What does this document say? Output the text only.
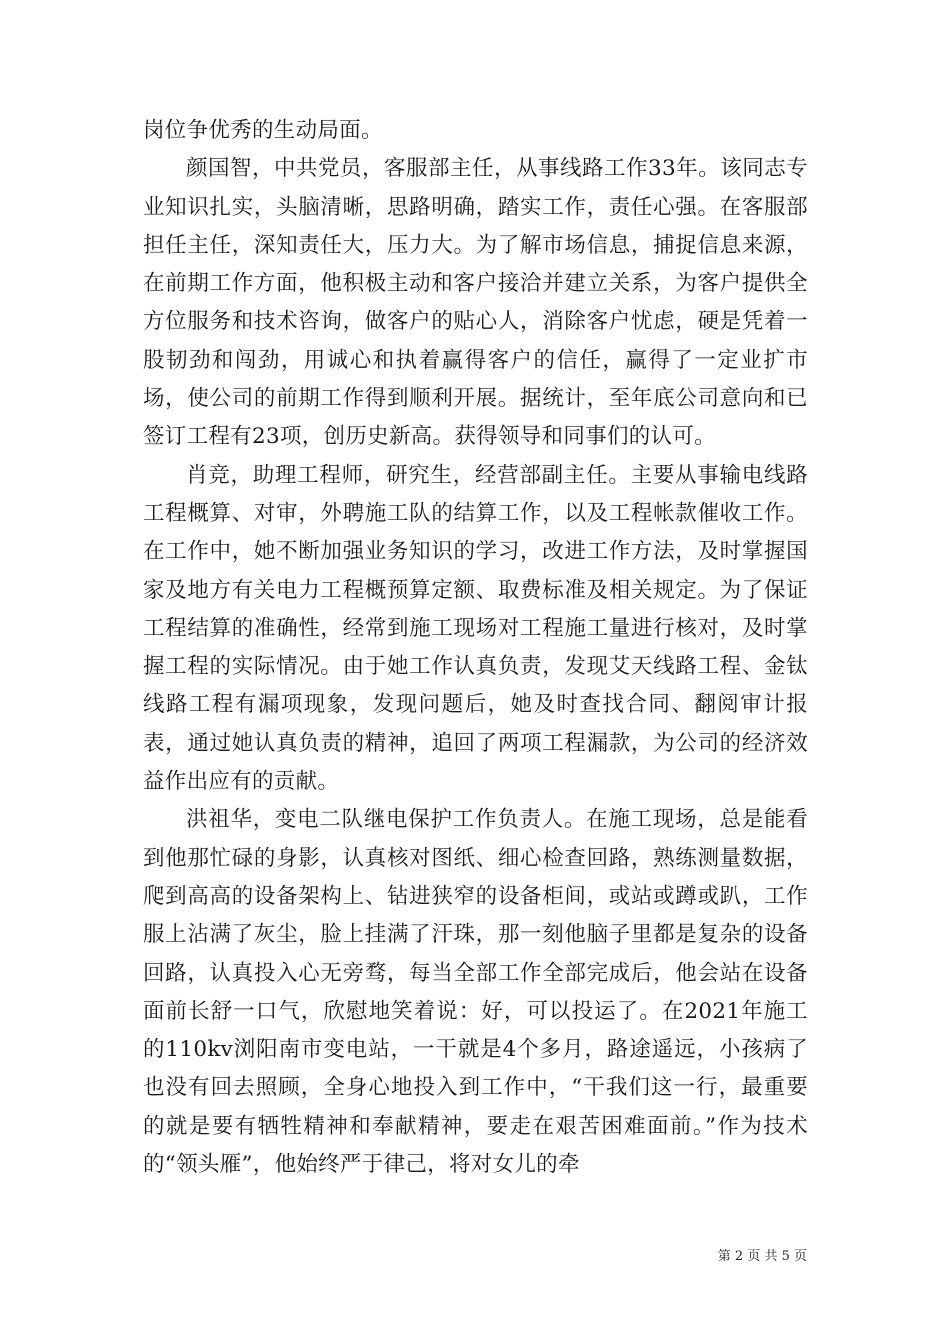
岗位争优秀的生动局面。

颜国智，中共党员，客服部主任，从事线路工作33年。该同志专业知识扎实，头脑清晰，思路明确，踏实工作，责任心强。在客服部担任主任，深知责任大，压力大。为了解市场信息，捕捉信息来源，在前期工作方面，他积极主动和客户接洽并建立关系，为客户提供全方位服务和技术咨询，做客户的贴心人，消除客户忧虑，硬是凭着一股韧劲和闯劲，用诚心和执着赢得客户的信任，赢得了一定业扩市场，使公司的前期工作得到顺利开展。据统计，至年底公司意向和已签订工程有23项，创历史新高。获得领导和同事们的认可。

肖竞，助理工程师，研究生，经营部副主任。主要从事输电线路工程概算、对审，外聘施工队的结算工作，以及工程帐款催收工作。在工作中，她不断加强业务知识的学习，改进工作方法，及时掌握国家及地方有关电力工程概预算定额、取费标准及相关规定。为了保证工程结算的准确性，经常到施工现场对工程施工量进行核对，及时掌握工程的实际情况。由于她工作认真负责，发现艾天线路工程、金钛线路工程有漏项现象，发现问题后，她及时查找合同、翻阅审计报表，通过她认真负责的精神，追回了两项工程漏款，为公司的经济效益作出应有的贡献。

洪祖华，变电二队继电保护工作负责人。在施工现场，总是能看到他那忙碌的身影，认真核对图纸、细心检查回路，熟练测量数据，爬到高高的设备架构上、钻进狭窄的设备柜间，或站或蹲或趴，工作服上沾满了灰尘，脸上挂满了汗珠，那一刻他脑子里都是复杂的设备回路，认真投入心无旁骛，每当全部工作全部完成后，他会站在设备面前长舒一口气，欣慰地笑着说：好，可以投运了。在2021年施工的110kv浏阳南市变电站，一干就是4个多月，路途遥远，小孩病了也没有回去照顾，全身心地投入到工作中，“干我们这一行，最重要的就是要有牺牲精神和奉献精神，要走在艰苦困难面前。”作为技术的“领头雁”，他始终严于律己，将对女儿的牵

第 2 页 共 5 页
